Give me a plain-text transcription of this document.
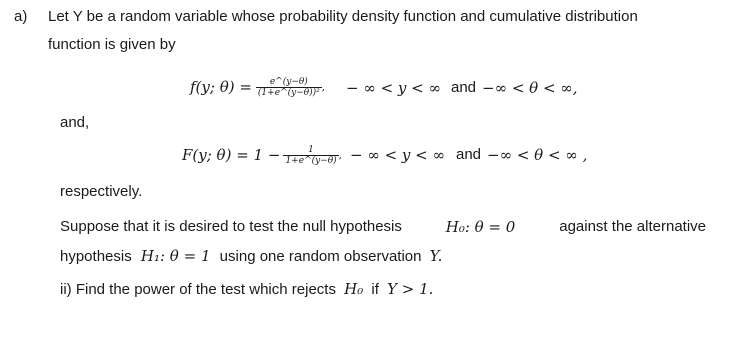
a) Let Y be a random variable whose probability density function and cumulative distribution
function is given by
f(y; $\theta) = \frac{e\^{}(y-\theta)}{\text{(1+e\textasciicircum{}(y−θ))²}}$ , − ∞ < y < ∞ and −∞ < θ < ∞,
and,
F(y; $\theta) = 1 - \frac{1}{1+e\^{}(y-\theta)}$ , − ∞ < y < ∞ and −∞ < θ < ∞ ,
respectively.
Suppose that it is desired to test the null hypothesis	H₀: θ = 0	against the alternative
hypothesis H₁: θ = 1 using one random observation Y.
ii) Find the power of the test which rejects H₀ if Y > 1.
